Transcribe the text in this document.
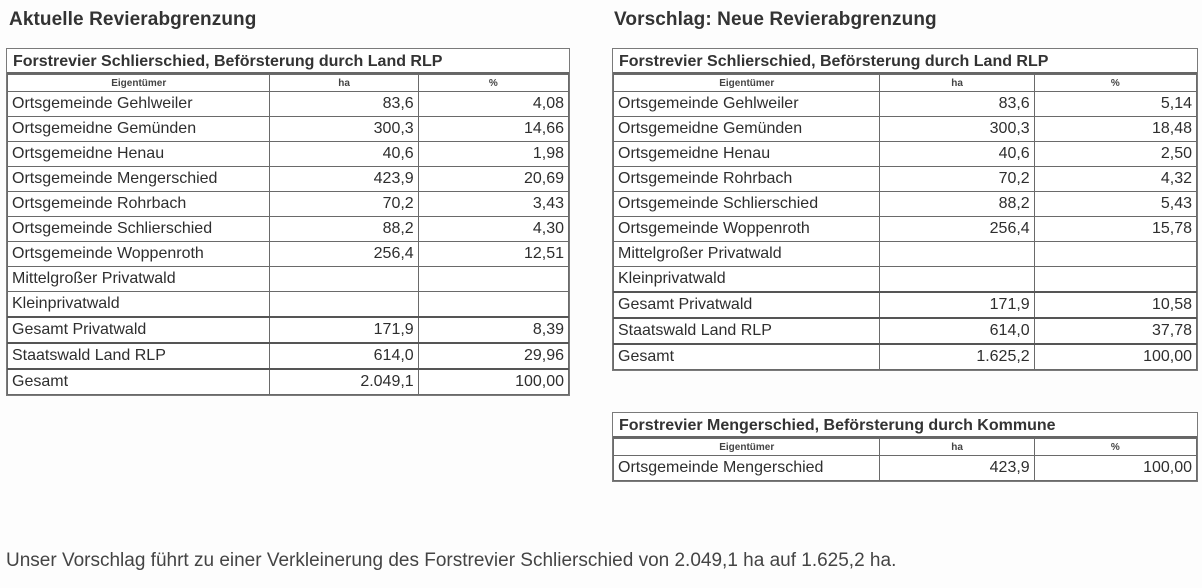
Aktuelle Revierabgrenzung	Vorschlag: Neue Revierabgrenzung
Forstrevier Schlierschied, Beförsterung durch Land RLP
Eigentümer	ha	%
Ortsgemeinde Gehlweiler	83,6	4,08
Ortsgemeidne Gemünden	300,3	14,66
Ortsgemeidne Henau	40,6	1,98
Ortsgemeinde Mengerschied	423,9	20,69
Ortsgemeinde Rohrbach	70,2	3,43
Ortsgemeinde Schlierschied	88,2	4,30
Ortsgemeinde Woppenroth	256,4	12,51
Mittelgroßer Privatwald		
Kleinprivatwald		
Gesamt Privatwald	171,9	8,39
Staatswald Land RLP	614,0	29,96
Gesamt	2.049,1	100,00
Forstrevier Schlierschied, Beförsterung durch Land RLP
Eigentümer	ha	%
Ortsgemeinde Gehlweiler	83,6	5,14
Ortsgemeidne Gemünden	300,3	18,48
Ortsgemeidne Henau	40,6	2,50
Ortsgemeinde Rohrbach	70,2	4,32
Ortsgemeinde Schlierschied	88,2	5,43
Ortsgemeinde Woppenroth	256,4	15,78
Mittelgroßer Privatwald		
Kleinprivatwald		
Gesamt Privatwald	171,9	10,58
Staatswald Land RLP	614,0	37,78
Gesamt	1.625,2	100,00
Forstrevier Mengerschied, Beförsterung durch Kommune
Eigentümer	ha	%
Ortsgemeinde Mengerschied	423,9	100,00
Unser Vorschlag führt zu einer Verkleinerung des Forstrevier Schlierschied von 2.049,1 ha auf 1.625,2 ha.
